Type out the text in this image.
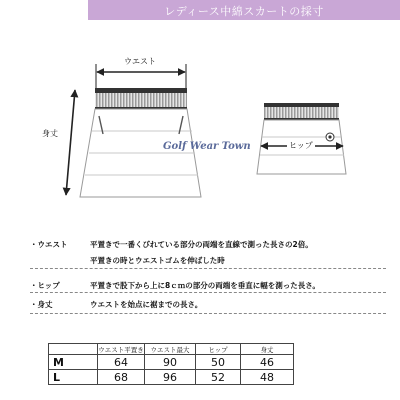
レディース中綿スカートの採寸
ウエスト
身丈
ヒップ
Golf Wear Town
・ウエスト	平置きで一番くびれている部分の両端を直線で測った長さの2倍。
平置きの時とウエストゴムを伸ばした時
・ヒップ	平置きで股下から上に8ｃｍの部分の両端を垂直に幅を測った長さ。
・身丈	ウエストを始点に裾までの長さ。
	ウエスト平置き	ウエスト最大	ヒップ	身丈
M	64	90	50	46
L	68	96	52	48
